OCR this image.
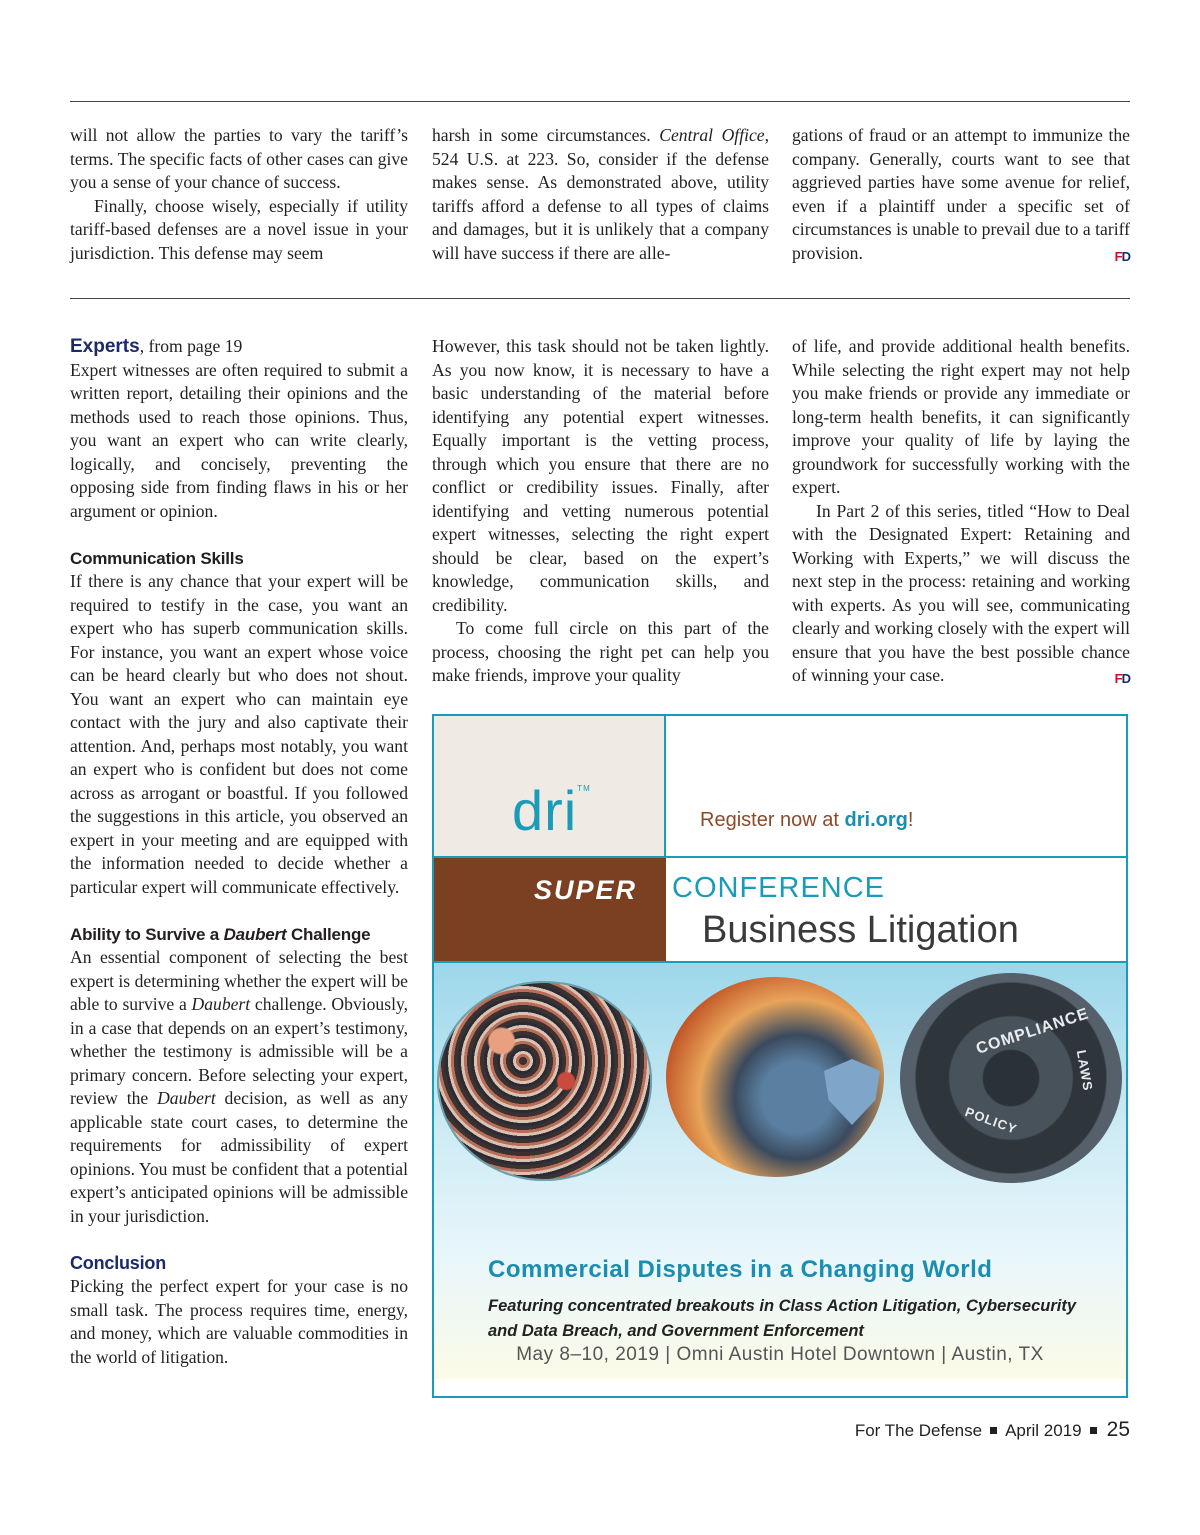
will not allow the parties to vary the tariff’s terms. The specific facts of other cases can give you a sense of your chance of success.

Finally, choose wisely, especially if utility tariff-based defenses are a novel issue in your jurisdiction. This defense may seem

harsh in some circumstances. Central Office, 524 U.S. at 223. So, consider if the defense makes sense. As demonstrated above, utility tariffs afford a defense to all types of claims and damages, but it is unlikely that a company will have success if there are alle-

gations of fraud or an attempt to immunize the company. Generally, courts want to see that aggrieved parties have some avenue for relief, even if a plaintiff under a specific set of circumstances is unable to prevail due to a tariff provision.	FD

Experts, from page 19

Expert witnesses are often required to submit a written report, detailing their opinions and the methods used to reach those opinions. Thus, you want an expert who can write clearly, logically, and concisely, preventing the opposing side from finding flaws in his or her argument or opinion.

Communication Skills

If there is any chance that your expert will be required to testify in the case, you want an expert who has superb communication skills. For instance, you want an expert whose voice can be heard clearly but who does not shout. You want an expert who can maintain eye contact with the jury and also captivate their attention. And, perhaps most notably, you want an expert who is confident but does not come across as arrogant or boastful. If you followed the suggestions in this article, you observed an expert in your meeting and are equipped with the information needed to decide whether a particular expert will communicate effectively.

Ability to Survive a Daubert Challenge

An essential component of selecting the best expert is determining whether the expert will be able to survive a Daubert challenge. Obviously, in a case that depends on an expert’s testimony, whether the testimony is admissible will be a primary concern. Before selecting your expert, review the Daubert decision, as well as any applicable state court cases, to determine the requirements for admissibility of expert opinions. You must be confident that a potential expert’s anticipated opinions will be admissible in your jurisdiction.

Conclusion

Picking the perfect expert for your case is no small task. The process requires time, energy, and money, which are valuable commodities in the world of litigation.

However, this task should not be taken lightly. As you now know, it is necessary to have a basic understanding of the material before identifying any potential expert witnesses. Equally important is the vetting process, through which you ensure that there are no conflict or credibility issues. Finally, after identifying and vetting numerous potential expert witnesses, selecting the right expert should be clear, based on the expert’s knowledge, communication skills, and credibility.

To come full circle on this part of the process, choosing the right pet can help you make friends, improve your quality

of life, and provide additional health benefits. While selecting the right expert may not help you make friends or provide any immediate or long-term health benefits, it can significantly improve your quality of life by laying the groundwork for successfully working with the expert.

In Part 2 of this series, titled “How to Deal with the Designated Expert: Retaining and Working with Experts,” we will discuss the next step in the process: retaining and working with experts. As you will see, communicating clearly and working closely with the expert will ensure that you have the best possible chance of winning your case.	FD

dri™
Register now at dri.org!
SUPER CONFERENCE
Business Litigation
COMPLIANCE
POLICY
LAWS
Commercial Disputes in a Changing World
Featuring concentrated breakouts in Class Action Litigation, Cybersecurity and Data Breach, and Government Enforcement
May 8–10, 2019 | Omni Austin Hotel Downtown | Austin, TX
For The Defense April 2019 25
